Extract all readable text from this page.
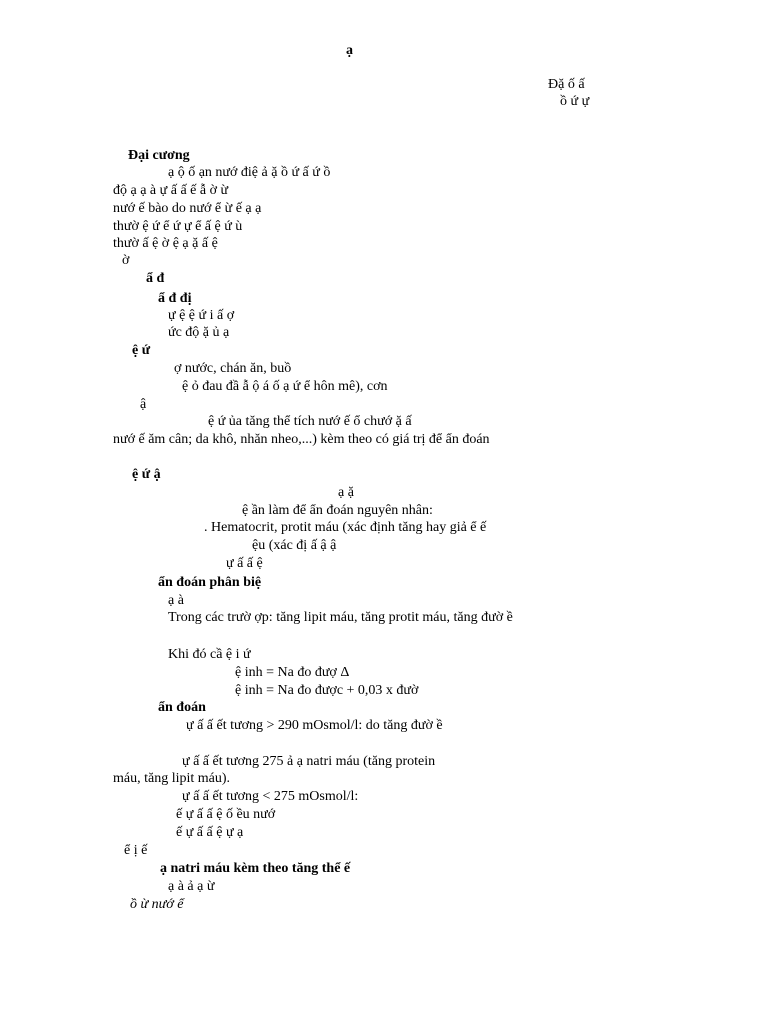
ạ
Đặ ố ấ
ồ ứ ự
Đại cương
ạ ộ ố ạn nướ điệ ả ặ ồ ứ ấ ứ ồ
độ ạ ạ à ự ấ ấ ế ẫ ờ ừ
nướ ế bào do nướ ể ừ ế ạ ạ
thườ ệ ứ ể ứ ự ể ấ ệ ứ ù
thườ ấ ệ ờ ệ ạ ặ ấ ệ
ờ
ẩ đ
ẩ đ đị
ự ệ ệ ứ i ấ ợ
ức độ ặ ủ ạ
ệ ứ
ợ nước, chán ăn, buồ
ệ ỏ đau đầ ẫ ộ á ố ạ ứ ể hôn mê), cơn
ậ
ệ ứ ủa tăng thể tích nướ ế ổ chướ ặ ấ
nướ ế ăm cân; da khô, nhăn nheo,...) kèm theo có giá trị để ẩn đoán
ệ ứ ậ
ạ ặ
ệ ần làm để ẩn đoán nguyên nhân:
. Hematocrit, protit máu (xác định tăng hay giả ể ế
ệu (xác đị ấ ậ ậ
ự ấ ấ ệ
ẩn đoán phân biệ
ạ à
Trong các trườ ợp: tăng lipit máu, tăng protit máu, tăng đườ ề
Khi đó cầ ệ i ứ
ệ inh = Na đo đượ Δ
ệ inh = Na đo được + 0,03 x đườ
ẩn đoán
ự ấ ấ ết tương > 290 mOsmol/l: do tăng đườ ề
ự ấ ấ ết tương 275 ả ạ natri máu (tăng protein
máu, tăng lipit máu).
ự ấ ấ ết tương < 275 mOsmol/l:
ế ự ấ ấ ệ ố ều nướ
ế ự ấ ấ ệ ự ạ
ể ị ế
ạ natri máu kèm theo tăng thể ế
ạ à ả ạ ừ
ồ ừ nướ ể
